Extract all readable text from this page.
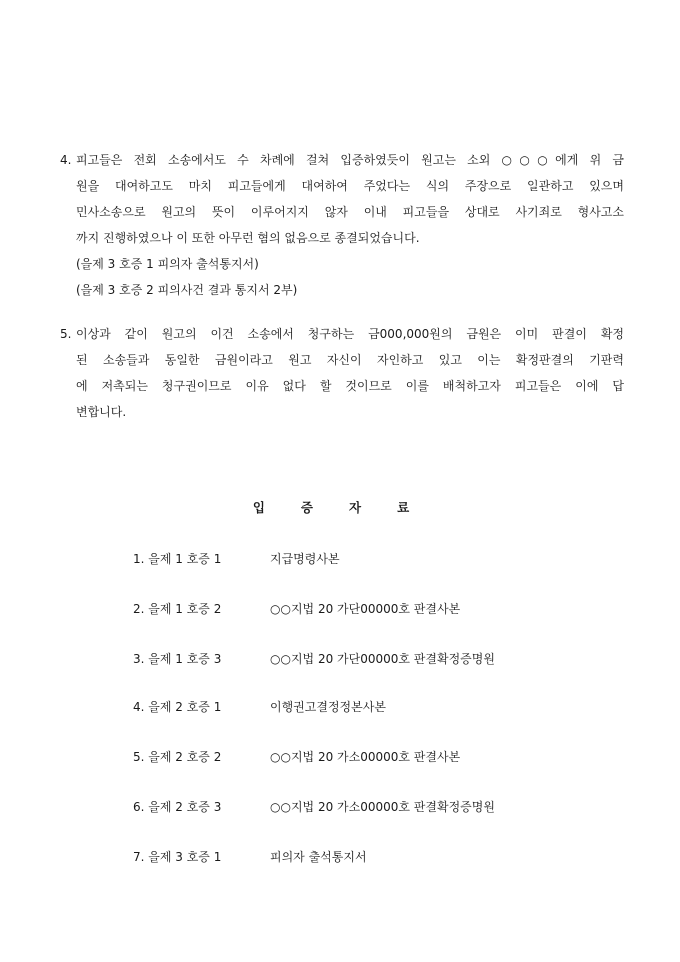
4. 피고들은 전회 소송에서도 수 차례에 걸쳐 입증하였듯이 원고는 소외 ○○○에게 위 금
원을 대여하고도 마치 피고들에게 대여하여 주었다는 식의 주장으로 일관하고 있으며
민사소송으로 원고의 뜻이 이루어지지 않자 이내 피고들을 상대로 사기죄로 형사고소
까지 진행하였으나 이 또한 아무런 혐의 없음으로 종결되었습니다.
(을제 3 호증 1 피의자 출석통지서)
(을제 3 호증 2 피의사건 결과 통지서 2부)
5. 이상과 같이 원고의 이건 소송에서 청구하는 금000,000원의 금원은 이미 판결이 확정
된 소송들과 동일한 금원이라고 원고 자신이 자인하고 있고 이는 확정판결의 기판력
에 저촉되는 청구권이므로 이유 없다 할 것이므로 이를 배척하고자 피고들은 이에 답
변합니다.
입증자료
1. 을제 1 호증 1	지급명령사본
2. 을제 1 호증 2	○○지법 20 가단00000호 판결사본
3. 을제 1 호증 3	○○지법 20 가단00000호 판결확정증명원
4. 을제 2 호증 1	이행권고결정정본사본
5. 을제 2 호증 2	○○지법 20 가소00000호 판결사본
6. 을제 2 호증 3	○○지법 20 가소00000호 판결확정증명원
7. 을제 3 호증 1	피의자 출석통지서
